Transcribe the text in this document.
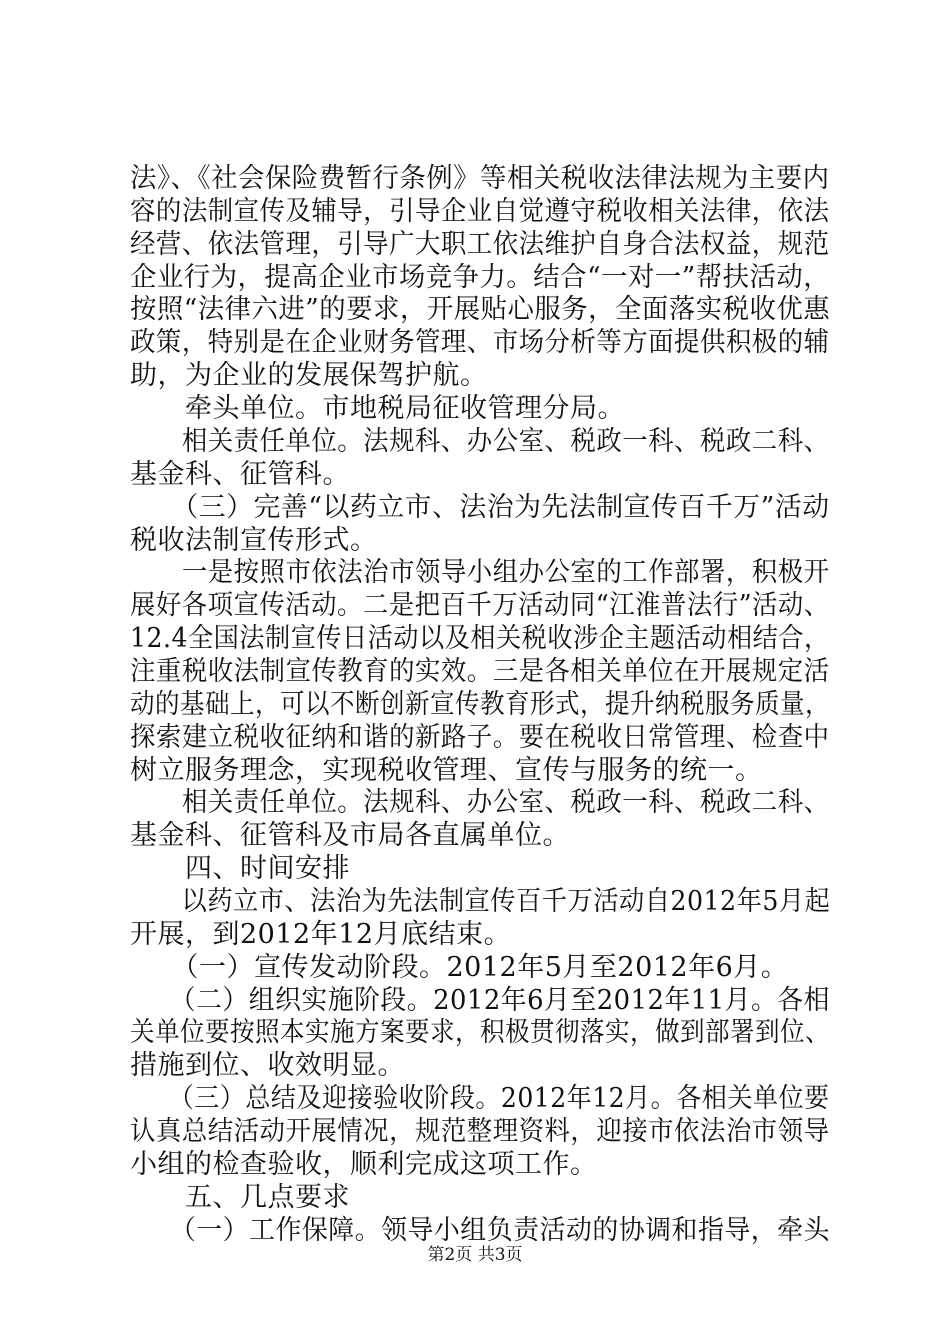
法》、《社会保险费暂行条例》等相关税收法律法规为主要内
容的法制宣传及辅导，引导企业自觉遵守税收相关法律，依法
经营、依法管理，引导广大职工依法维护自身合法权益，规范
企业行为，提高企业市场竞争力。结合“一对一”帮扶活动，
按照“法律六进”的要求，开展贴心服务，全面落实税收优惠
政策，特别是在企业财务管理、市场分析等方面提供积极的辅
助，为企业的发展保驾护航。
　　牵头单位。市地税局征收管理分局。
　　相关责任单位。法规科、办公室、税政一科、税政二科、
基金科、征管科。
　　（三）完善“以药立市、法治为先法制宣传百千万”活动
税收法制宣传形式。
　　一是按照市依法治市领导小组办公室的工作部署，积极开
展好各项宣传活动。二是把百千万活动同“江淮普法行”活动、
12.4全国法制宣传日活动以及相关税收涉企主题活动相结合，
注重税收法制宣传教育的实效。三是各相关单位在开展规定活
动的基础上，可以不断创新宣传教育形式，提升纳税服务质量，
探索建立税收征纳和谐的新路子。要在税收日常管理、检查中
树立服务理念，实现税收管理、宣传与服务的统一。
　　相关责任单位。法规科、办公室、税政一科、税政二科、
基金科、征管科及市局各直属单位。
　　四、时间安排
　　以药立市、法治为先法制宣传百千万活动自2012年5月起
开展，到2012年12月底结束。
　　（一）宣传发动阶段。2012年5月至2012年6月。
　　（二）组织实施阶段。2012年6月至2012年11月。各相
关单位要按照本实施方案要求，积极贯彻落实，做到部署到位、
措施到位、收效明显。
　　（三）总结及迎接验收阶段。2012年12月。各相关单位要
认真总结活动开展情况，规范整理资料，迎接市依法治市领导
小组的检查验收，顺利完成这项工作。
　　五、几点要求
　　（一）工作保障。领导小组负责活动的协调和指导，牵头
第2页 共3页
